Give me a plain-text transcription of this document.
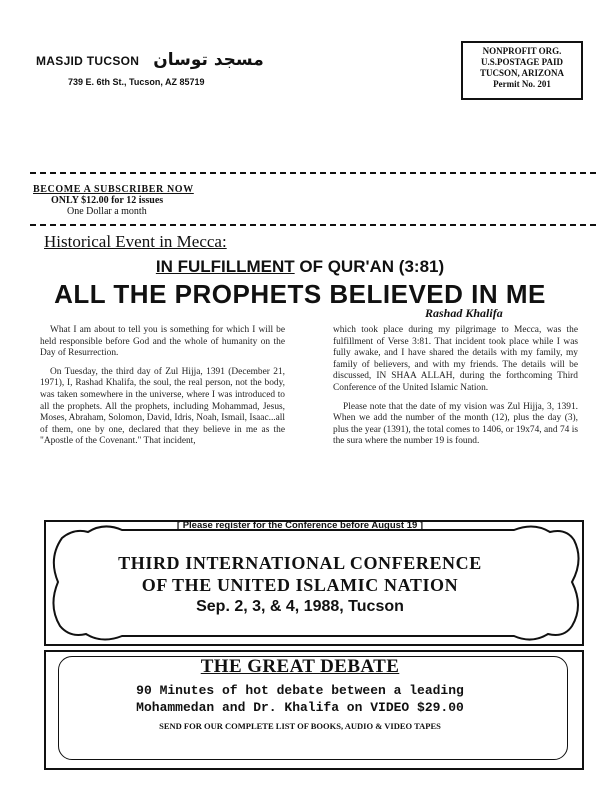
MASJID TUCSON مسجد توسان
739 E. 6th St., Tucson, AZ 85719
NONPROFIT ORG.
U.S.POSTAGE PAID
TUCSON, ARIZONA
Permit No. 201
BECOME A SUBSCRIBER NOW
ONLY $12.00 for 12 issues
One Dollar a month
Historical Event in Mecca:
IN FULFILLMENT OF QUR'AN (3:81)
ALL THE PROPHETS BELIEVED IN ME
Rashad Khalifa

What I am about to tell you is something for which I will be held responsible before God and the whole of humanity on the Day of Resurrection.

On Tuesday, the third day of Zul Hijja, 1391 (December 21, 1971), I, Rashad Khalifa, the soul, the real person, not the body, was taken somewhere in the universe, where I was introduced to all the prophets. All the prophets, including Mohammad, Jesus, Moses, Abraham, Solomon, David, Idris, Noah, Ismail, Isaac...all of them, one by one, declared that they believe in me as the "Apostle of the Covenant." That incident,

which took place during my pilgrimage to Mecca, was the fulfillment of Verse 3:81. That incident took place while I was fully awake, and I have shared the details with my family, my family of believers, and with my friends. The details will be discussed, IN SHAA ALLAH, during the forthcoming Third Conference of the United Islamic Nation.

Please note that the date of my vision was Zul Hijja, 3, 1391. When we add the number of the month (12), plus the day (3), plus the year (1391), the total comes to 1406, or 19x74, and 74 is the sura where the number 19 is found.

[ Please register for the Conference before August 19 ]
THIRD INTERNATIONAL CONFERENCE
OF THE UNITED ISLAMIC NATION
Sep. 2, 3, & 4, 1988, Tucson
THE GREAT DEBATE
90 Minutes of hot debate between a leading
Mohammedan and Dr. Khalifa on VIDEO $29.00
SEND FOR OUR COMPLETE LIST OF BOOKS, AUDIO & VIDEO TAPES
